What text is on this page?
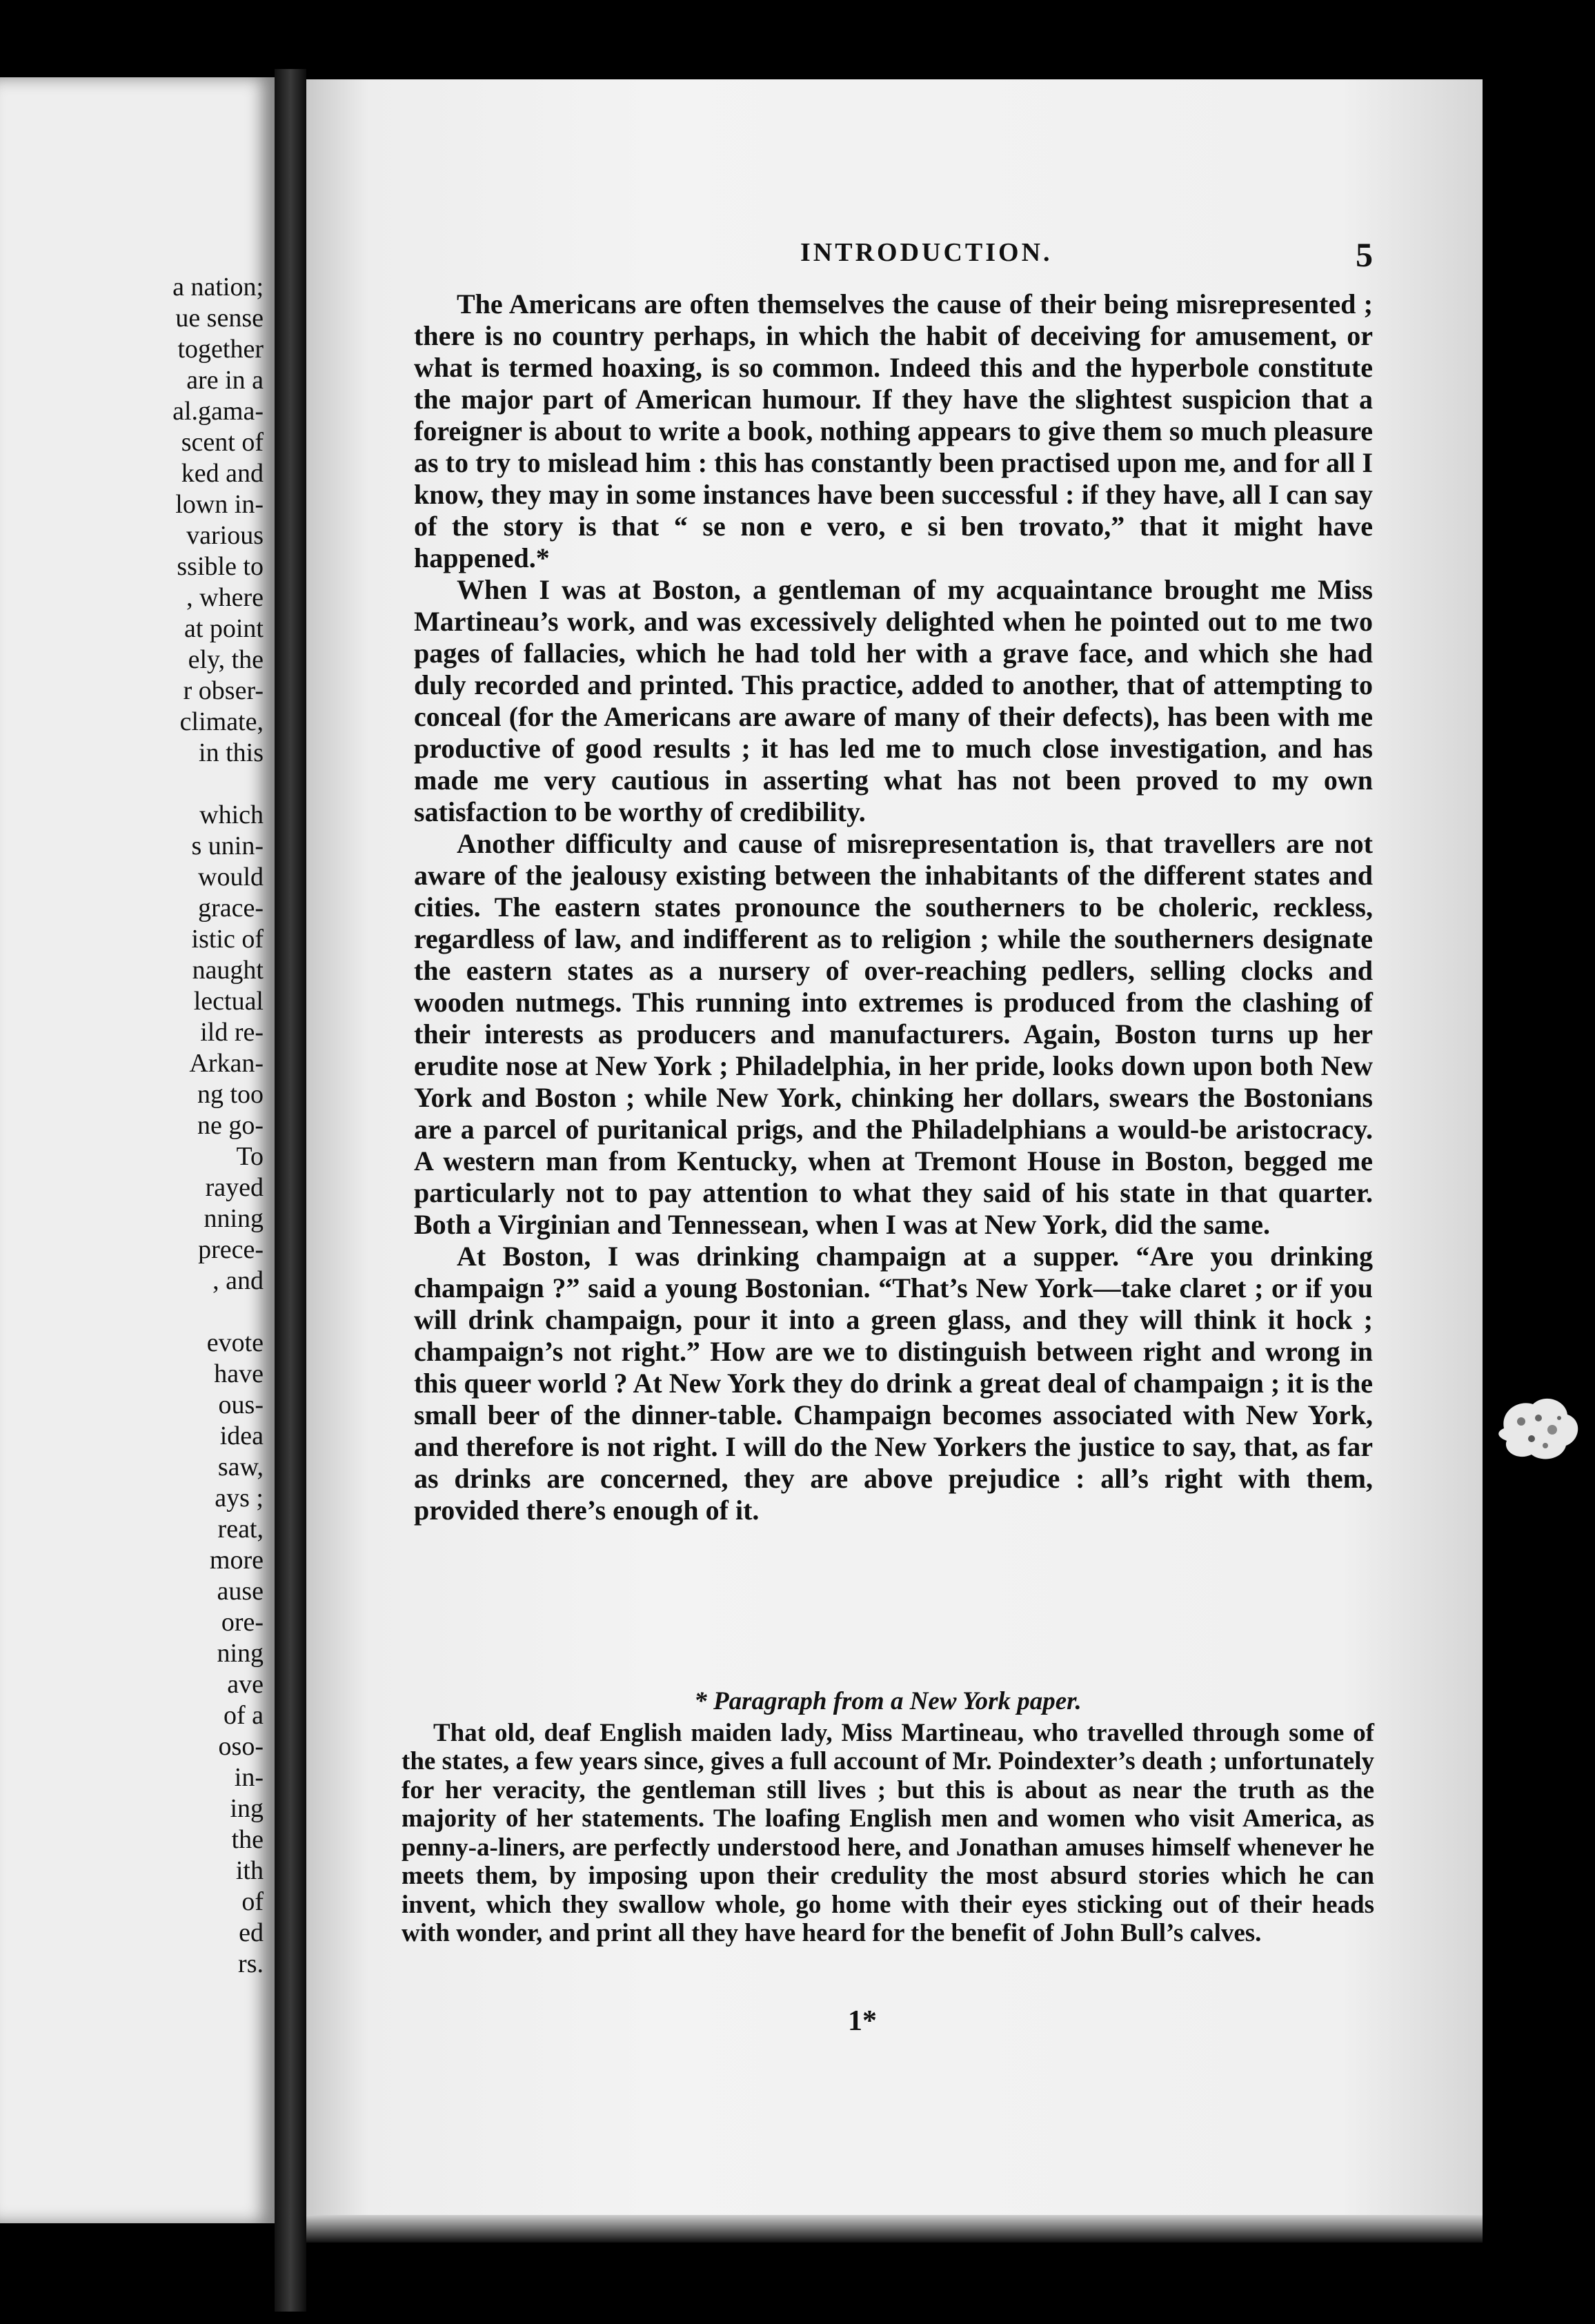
a nation;
ue sense
together
are in a
al.gama-
scent of
ked and
lown in-
various
ssible to
, where
at point
ely, the
r obser-
climate,
in this
which
s unin-
would
grace-
istic of
naught
lectual
ild re-
Arkan-
ng too
ne go-
To
rayed
nning
prece-
, and
evote
have
ous-
idea
saw,
ays ;
reat,
more
ause
ore-
ning
ave
of a
oso-
in-
ing
the
ith
of
ed
rs.
INTRODUCTION.	5

The Americans are often themselves the cause of their being misrepresented ; there is no country perhaps, in which the habit of deceiving for amusement, or what is termed hoaxing, is so common. Indeed this and the hyperbole constitute the major part of American humour. If they have the slightest suspicion that a foreigner is about to write a book, nothing appears to give them so much pleasure as to try to mislead him : this has constantly been practised upon me, and for all I know, they may in some instances have been successful : if they have, all I can say of the story is that “ se non e vero, e si ben trovato,” that it might have happened.*

When I was at Boston, a gentleman of my acquaintance brought me Miss Martineau’s work, and was excessively delighted when he pointed out to me two pages of fallacies, which he had told her with a grave face, and which she had duly recorded and printed. This practice, added to another, that of attempting to conceal (for the Americans are aware of many of their defects), has been with me productive of good results ; it has led me to much close investigation, and has made me very cautious in asserting what has not been proved to my own satisfaction to be worthy of credibility.

Another difficulty and cause of misrepresentation is, that travellers are not aware of the jealousy existing between the inhabitants of the different states and cities. The eastern states pronounce the southerners to be choleric, reckless, regardless of law, and indifferent as to religion ; while the southerners designate the eastern states as a nursery of over-reaching pedlers, selling clocks and wooden nutmegs. This running into extremes is produced from the clashing of their interests as producers and manufacturers. Again, Boston turns up her erudite nose at New York ; Philadelphia, in her pride, looks down upon both New York and Boston ; while New York, chinking her dollars, swears the Bostonians are a parcel of puritanical prigs, and the Philadelphians a would-be aristocracy. A western man from Kentucky, when at Tremont House in Boston, begged me particularly not to pay attention to what they said of his state in that quarter. Both a Virginian and Tennessean, when I was at New York, did the same.

At Boston, I was drinking champaign at a supper. “Are you drinking champaign ?” said a young Bostonian. “That’s New York—take claret ; or if you will drink champaign, pour it into a green glass, and they will think it hock ; champaign’s not right.” How are we to distinguish between right and wrong in this queer world ? At New York they do drink a great deal of champaign ; it is the small beer of the dinner-table. Champaign becomes associated with New York, and therefore is not right. I will do the New Yorkers the justice to say, that, as far as drinks are concerned, they are above prejudice : all’s right with them, provided there’s enough of it.

* Paragraph from a New York paper.

That old, deaf English maiden lady, Miss Martineau, who travelled through some of the states, a few years since, gives a full account of Mr. Poindexter’s death ; unfortunately for her veracity, the gentleman still lives ; but this is about as near the truth as the majority of her statements. The loafing English men and women who visit America, as penny-a-liners, are perfectly understood here, and Jonathan amuses himself whenever he meets them, by imposing upon their credulity the most absurd stories which he can invent, which they swallow whole, go home with their eyes sticking out of their heads with wonder, and print all they have heard for the benefit of John Bull’s calves.

1*
